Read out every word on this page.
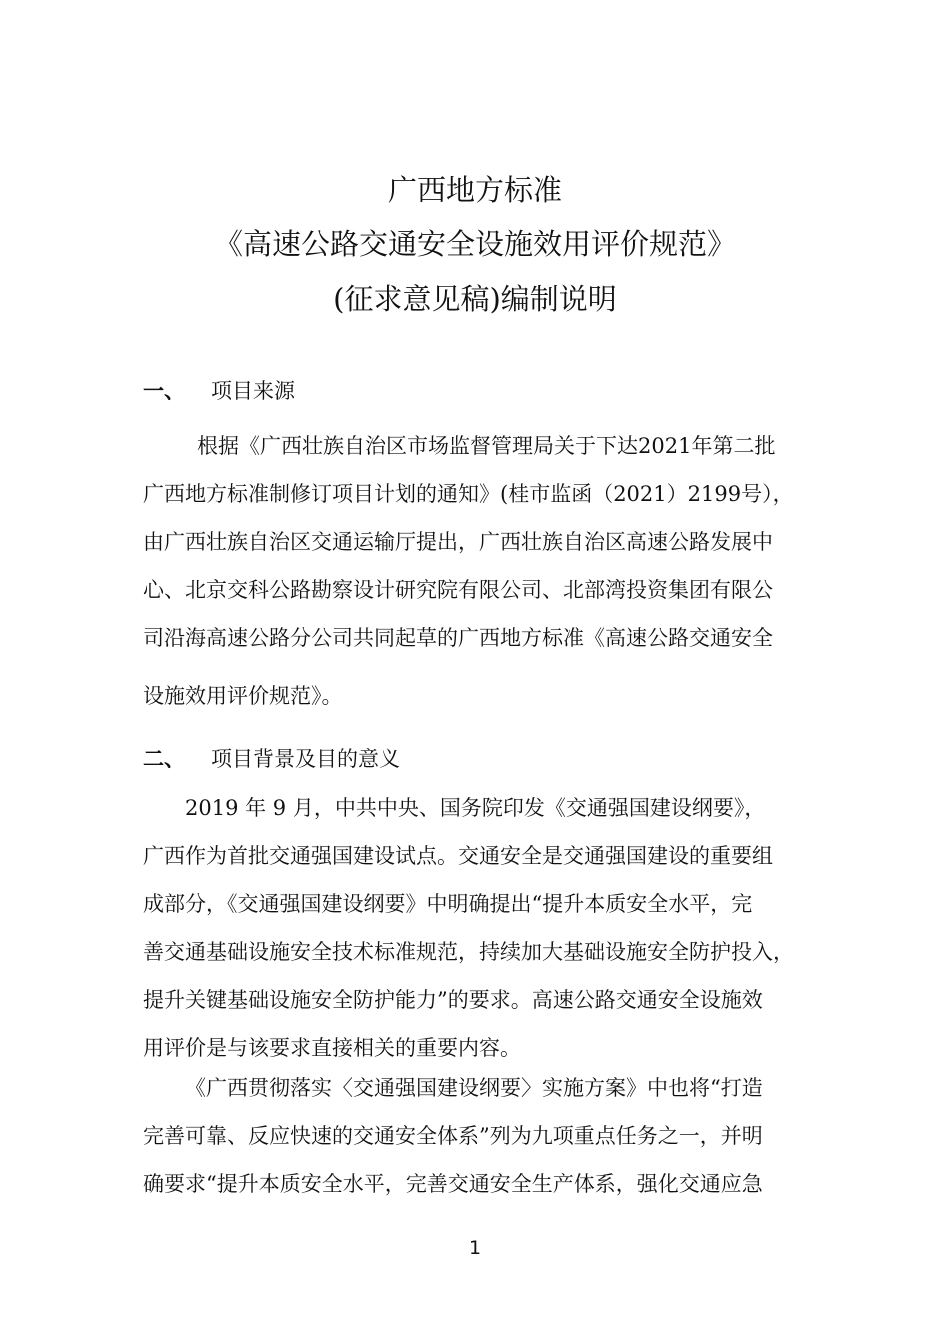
广西地方标准
《高速公路交通安全设施效用评价规范》
(征求意见稿)编制说明
一、 项目来源
根据《广西壮族自治区市场监督管理局关于下达2021年第二批
广西地方标准制修订项目计划的通知》(桂市监函（2021）2199号），
由广西壮族自治区交通运输厅提出，广西壮族自治区高速公路发展中
心、北京交科公路勘察设计研究院有限公司、北部湾投资集团有限公
司沿海高速公路分公司共同起草的广西地方标准《高速公路交通安全
设施效用评价规范》。
二、 项目背景及目的意义
2019 年 9 月，中共中央、国务院印发《交通强国建设纲要》，
广西作为首批交通强国建设试点。交通安全是交通强国建设的重要组
成部分，《交通强国建设纲要》中明确提出“提升本质安全水平，完
善交通基础设施安全技术标准规范，持续加大基础设施安全防护投入，
提升关键基础设施安全防护能力”的要求。高速公路交通安全设施效
用评价是与该要求直接相关的重要内容。
《广西贯彻落实〈交通强国建设纲要〉实施方案》中也将“打造
完善可靠、反应快速的交通安全体系”列为九项重点任务之一，并明
确要求“提升本质安全水平，完善交通安全生产体系，强化交通应急
1
